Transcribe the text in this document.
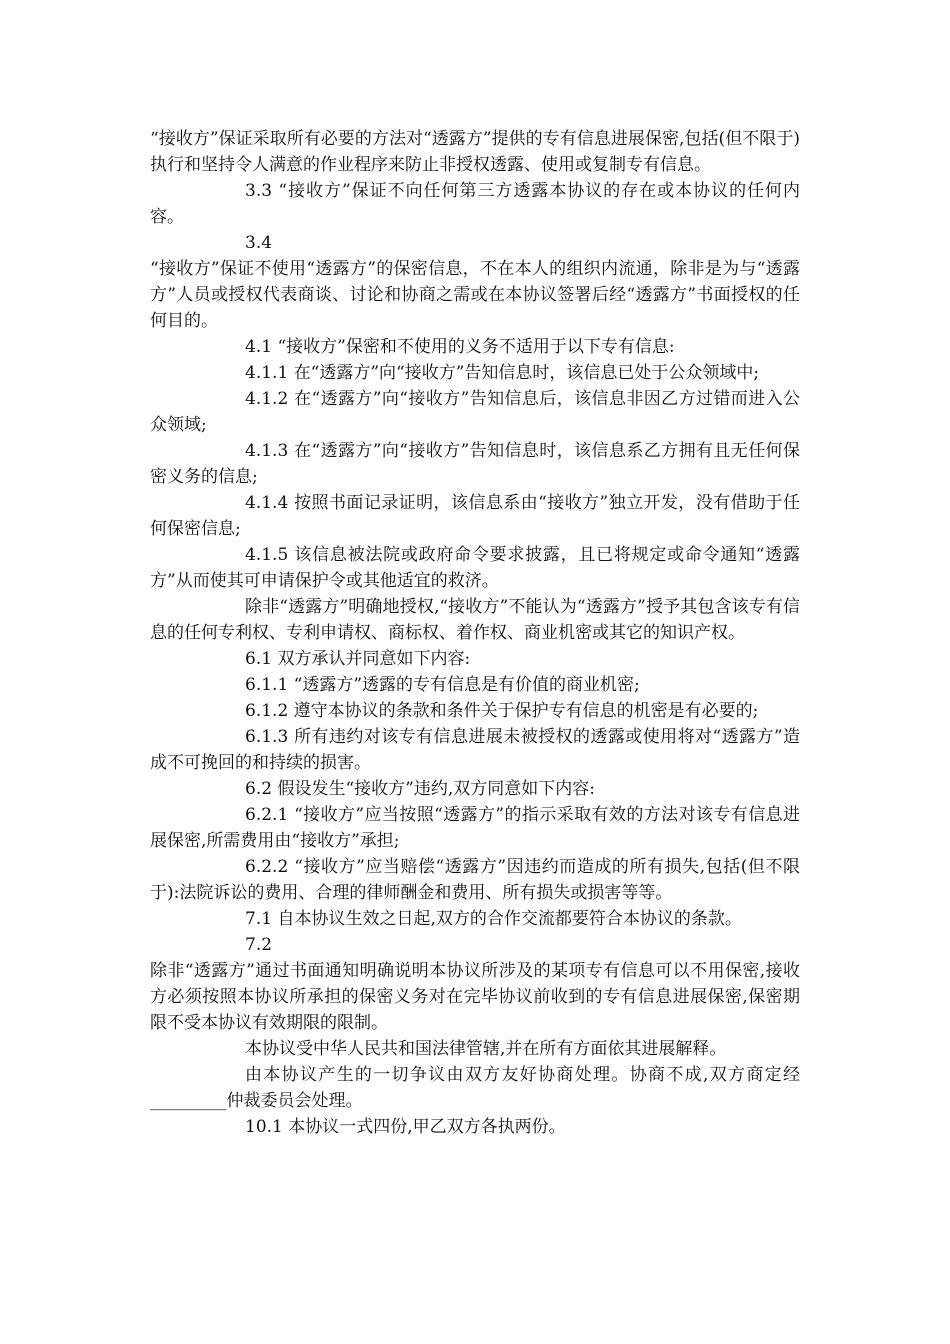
“接收方”保证采取所有必要的方法对“透露方”提供的专有信息进展保密,包括(但不限于)执行和坚持令人满意的作业程序来防止非授权透露、使用或复制专有信息。

3.3 “接收方”保证不向任何第三方透露本协议的存在或本协议的任何内容。

3.4

“接收方”保证不使用“透露方”的保密信息，不在本人的组织内流通，除非是为与“透露方”人员或授权代表商谈、讨论和协商之需或在本协议签署后经“透露方”书面授权的任何目的。

4.1 “接收方”保密和不使用的义务不适用于以下专有信息:

4.1.1 在“透露方”向“接收方”告知信息时，该信息已处于公众领域中;

4.1.2 在“透露方”向“接收方”告知信息后，该信息非因乙方过错而进入公众领域;

4.1.3 在“透露方”向“接收方”告知信息时，该信息系乙方拥有且无任何保密义务的信息;

4.1.4 按照书面记录证明，该信息系由“接收方”独立开发，没有借助于任何保密信息;

4.1.5 该信息被法院或政府命令要求披露，且已将规定或命令通知“透露方”从而使其可申请保护令或其他适宜的救济。

除非“透露方”明确地授权,“接收方”不能认为“透露方”授予其包含该专有信息的任何专利权、专利申请权、商标权、着作权、商业机密或其它的知识产权。

6.1 双方承认并同意如下内容:

6.1.1 “透露方”透露的专有信息是有价值的商业机密;

6.1.2 遵守本协议的条款和条件关于保护专有信息的机密是有必要的;

6.1.3 所有违约对该专有信息进展未被授权的透露或使用将对“透露方”造成不可挽回的和持续的损害。

6.2 假设发生“接收方”违约,双方同意如下内容:

6.2.1 “接收方”应当按照“透露方”的指示采取有效的方法对该专有信息进展保密,所需费用由“接收方”承担;

6.2.2 “接收方”应当赔偿“透露方”因违约而造成的所有损失,包括(但不限于):法院诉讼的费用、合理的律师酬金和费用、所有损失或损害等等。

7.1 自本协议生效之日起,双方的合作交流都要符合本协议的条款。

7.2

除非“透露方”通过书面通知明确说明本协议所涉及的某项专有信息可以不用保密,接收方必须按照本协议所承担的保密义务对在完毕协议前收到的专有信息进展保密,保密期限不受本协议有效期限的限制。

本协议受中华人民共和国法律管辖,并在所有方面依其进展解释。

由本协议产生的一切争议由双方友好协商处理。协商不成,双方商定经_________仲裁委员会处理。

10.1 本协议一式四份,甲乙双方各执两份。
